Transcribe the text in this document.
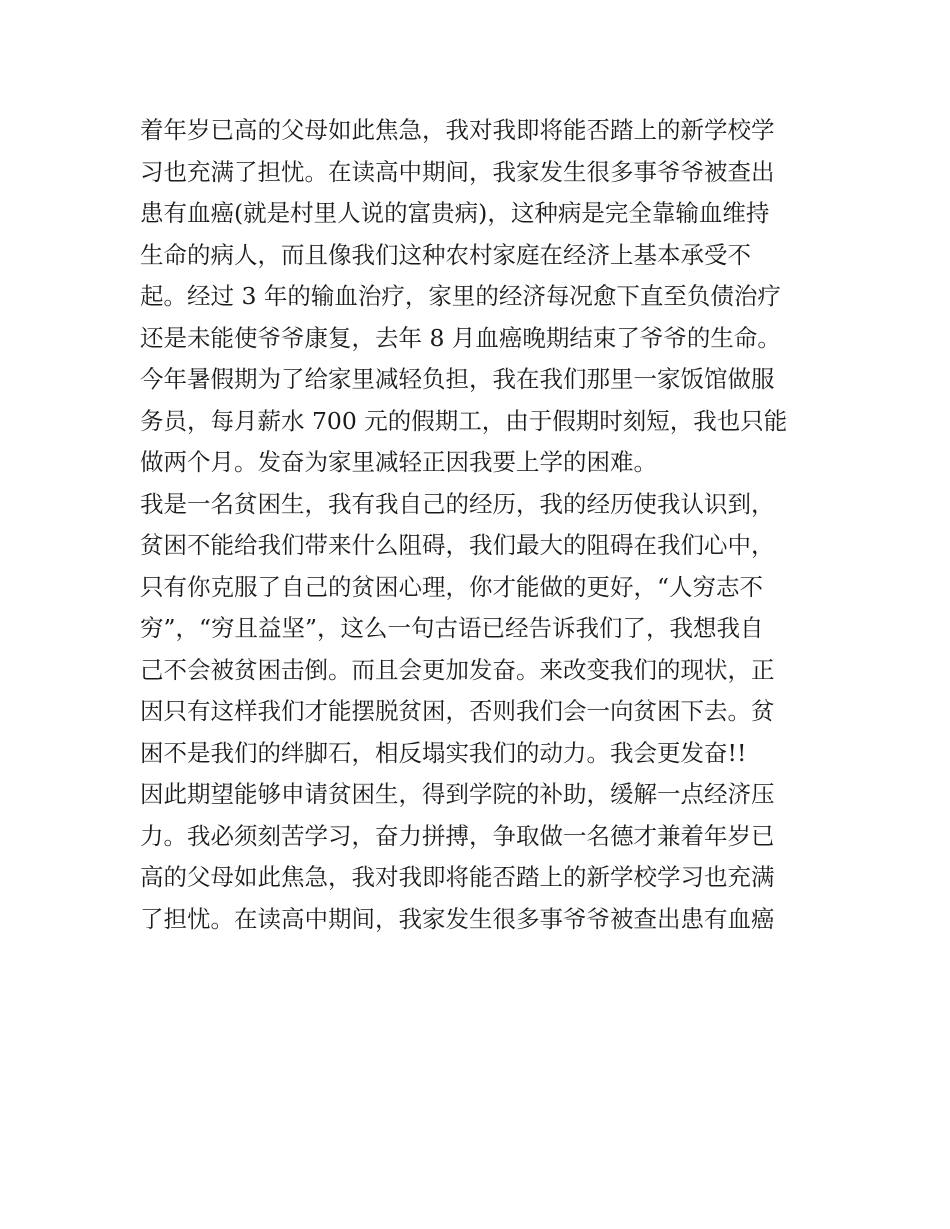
着年岁已高的父母如此焦急，我对我即将能否踏上的新学校学
习也充满了担忧。在读高中期间，我家发生很多事爷爷被查出
患有血癌(就是村里人说的富贵病)，这种病是完全靠输血维持
生命的病人，而且像我们这种农村家庭在经济上基本承受不
起。经过 3 年的输血治疗，家里的经济每况愈下直至负债治疗
还是未能使爷爷康复，去年 8 月血癌晚期结束了爷爷的生命。
今年暑假期为了给家里减轻负担，我在我们那里一家饭馆做服
务员，每月薪水 700 元的假期工，由于假期时刻短，我也只能
做两个月。发奋为家里减轻正因我要上学的困难。
我是一名贫困生，我有我自己的经历，我的经历使我认识到，
贫困不能给我们带来什么阻碍，我们最大的阻碍在我们心中，
只有你克服了自己的贫困心理，你才能做的更好，“人穷志不
穷”，“穷且益坚”，这么一句古语已经告诉我们了，我想我自
己不会被贫困击倒。而且会更加发奋。来改变我们的现状，正
因只有这样我们才能摆脱贫困，否则我们会一向贫困下去。贫
困不是我们的绊脚石，相反塌实我们的动力。我会更发奋!!
因此期望能够申请贫困生，得到学院的补助，缓解一点经济压
力。我必须刻苦学习，奋力拼搏，争取做一名德才兼着年岁已
高的父母如此焦急，我对我即将能否踏上的新学校学习也充满
了担忧。在读高中期间，我家发生很多事爷爷被查出患有血癌
